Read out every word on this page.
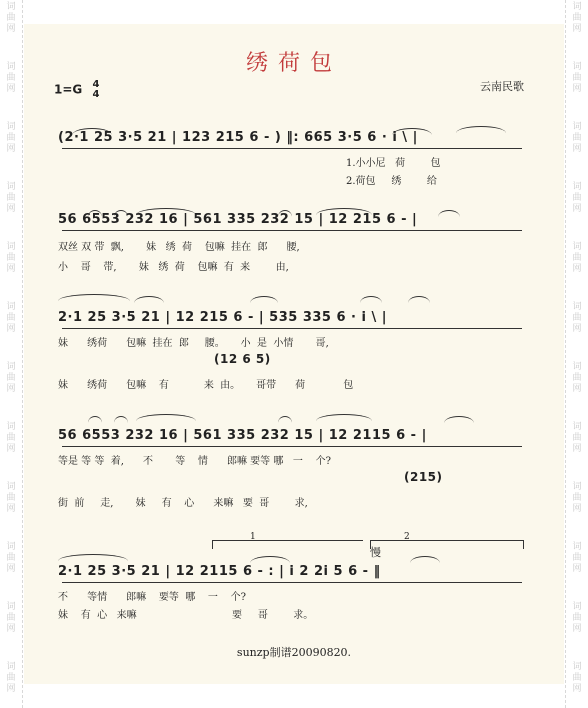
词
曲
网
词
曲
网
词
曲
网
词
曲
网
词
曲
网
词
曲
网
词
曲
网
词
曲
网
词
曲
网
词
曲
网
词
曲
网
词
曲
网
词
曲
网
词
曲
网
词
曲
网
词
曲
网
词
曲
网
词
曲
网
词
曲
网
词
曲
网
词
曲
网
词
曲
网
词
曲
网
词
曲
网
绣荷包
1=G 4
4
云南民歌
(2·1 25 3·5 21 | 123 215 6 - ) ‖: 665 3·5 6 · i \ |
1.小小尼   荷        包
2.荷包     绣        给
56 6553 232 16 | 561 335 232 15 | 12 215 6 - |
双丝 双 带  飘,       妹   绣  荷    包嘛  挂在  郎      腰,
小    哥    带,       妹   绣  荷    包嘛  有  来        由,
2·1 25 3·5 21 | 12 215 6 - | 535 335 6 · i \ |
妹      绣荷      包嘛  挂在  郎     腰。     小  是  小情       哥,
(12 6 5)
妹      绣荷      包嘛    有           来  由。     哥带      荷            包
56 6553 232 16 | 561 335 232 15 | 12 2115 6 - |
等是 等 等  着,      不       等    情      郎嘛 要等 哪   一    个?
(215)
街  前     走,       妹     有    心      来嘛   要  哥        求,
1	2
慢
2·1 25 3·5 21 | 12 2115 6 - : | i 2 2i 5 6 - ‖
不      等情      郎嘛    要等  哪    一    个?
妹    有  心   来嘛                              要     哥        求。
sunzp制谱20090820.
